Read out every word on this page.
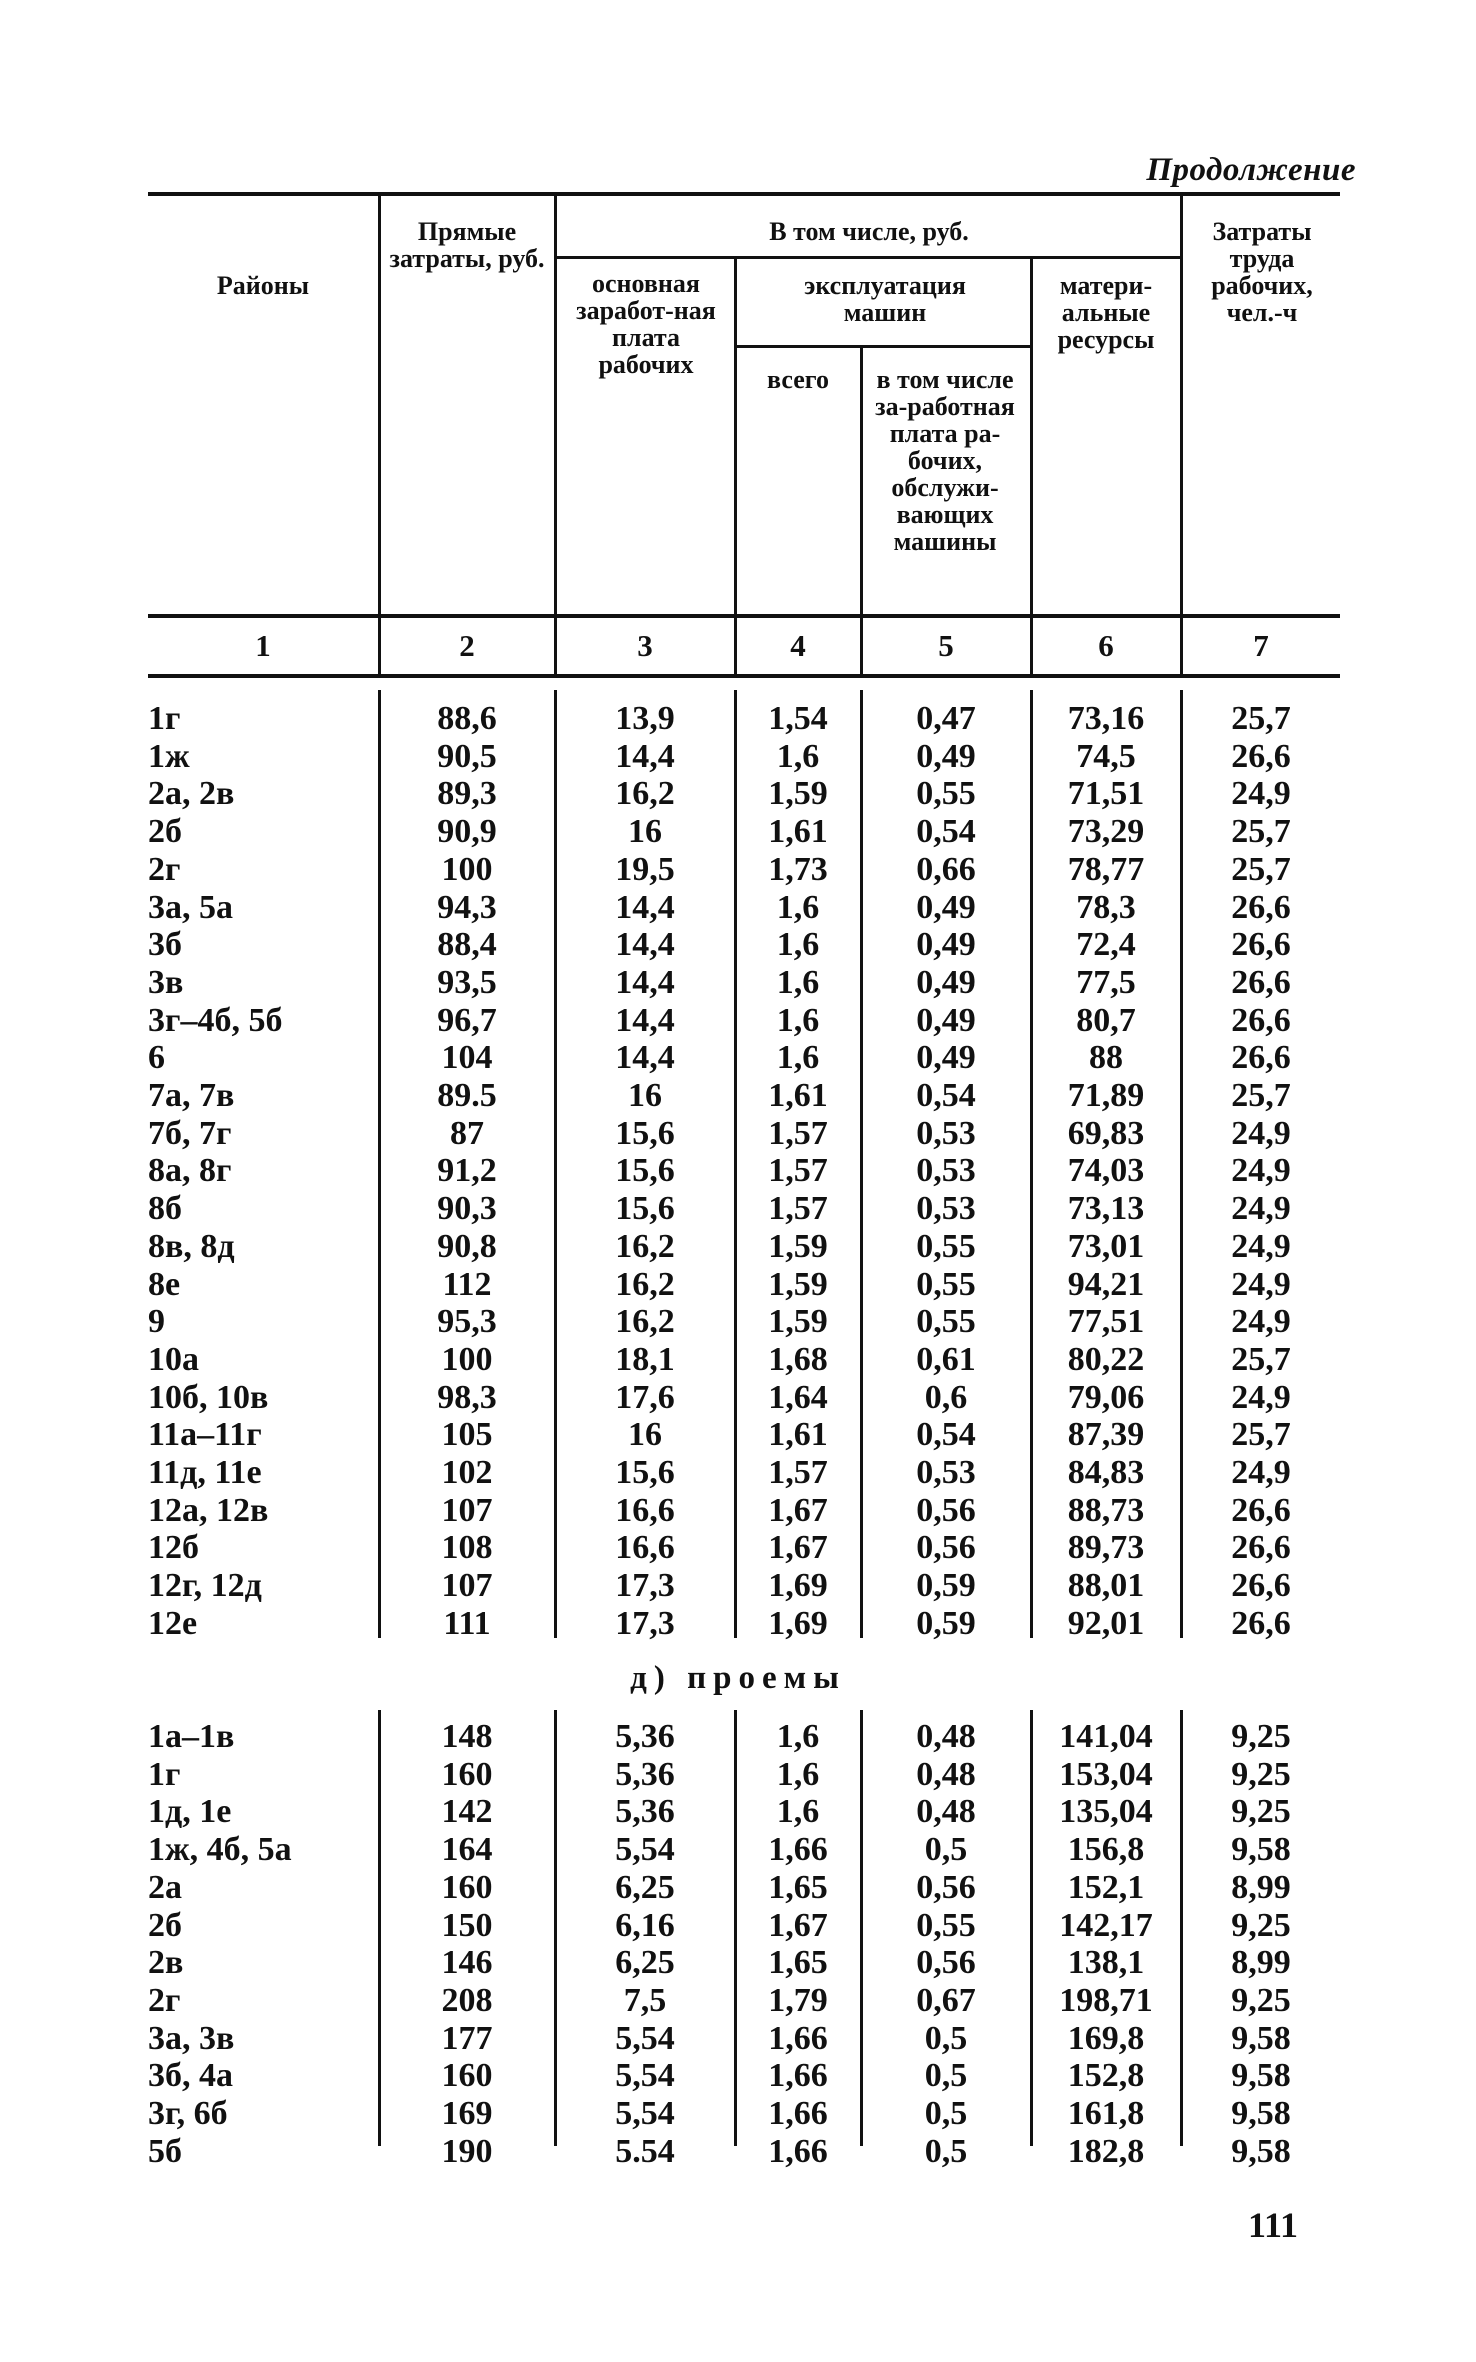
Продолжение
Районы
Прямые затраты, руб.
В том числе, руб.
основная заработ-ная плата рабочих
эксплуатация машин
всего	в том числе за-работная плата ра-бочих, обслужи-вающих машины
матери-альные ресурсы
Затраты труда рабочих, чел.-ч
1	2	3	4	5	6	7
1г	88,6	13,9	1,54	0,47	73,16	25,7
1ж	90,5	14,4	1,6	0,49	74,5	26,6
2а, 2в	89,3	16,2	1,59	0,55	71,51	24,9
2б	90,9	16	1,61	0,54	73,29	25,7
2г	100	19,5	1,73	0,66	78,77	25,7
3а, 5а	94,3	14,4	1,6	0,49	78,3	26,6
3б	88,4	14,4	1,6	0,49	72,4	26,6
3в	93,5	14,4	1,6	0,49	77,5	26,6
3г–4б, 5б	96,7	14,4	1,6	0,49	80,7	26,6
6	104	14,4	1,6	0,49	88	26,6
7а, 7в	89.5	16	1,61	0,54	71,89	25,7
7б, 7г	87	15,6	1,57	0,53	69,83	24,9
8а, 8г	91,2	15,6	1,57	0,53	74,03	24,9
8б	90,3	15,6	1,57	0,53	73,13	24,9
8в, 8д	90,8	16,2	1,59	0,55	73,01	24,9
8е	112	16,2	1,59	0,55	94,21	24,9
9	95,3	16,2	1,59	0,55	77,51	24,9
10а	100	18,1	1,68	0,61	80,22	25,7
10б, 10в	98,3	17,6	1,64	0,6	79,06	24,9
11а–11г	105	16	1,61	0,54	87,39	25,7
11д, 11е	102	15,6	1,57	0,53	84,83	24,9
12а, 12в	107	16,6	1,67	0,56	88,73	26,6
12б	108	16,6	1,67	0,56	89,73	26,6
12г, 12д	107	17,3	1,69	0,59	88,01	26,6
12е	111	17,3	1,69	0,59	92,01	26,6
д) проемы
1а–1в	148	5,36	1,6	0,48	141,04	9,25
1г	160	5,36	1,6	0,48	153,04	9,25
1д, 1е	142	5,36	1,6	0,48	135,04	9,25
1ж, 4б, 5а	164	5,54	1,66	0,5	156,8	9,58
2а	160	6,25	1,65	0,56	152,1	8,99
2б	150	6,16	1,67	0,55	142,17	9,25
2в	146	6,25	1,65	0,56	138,1	8,99
2г	208	7,5	1,79	0,67	198,71	9,25
3а, 3в	177	5,54	1,66	0,5	169,8	9,58
3б, 4а	160	5,54	1,66	0,5	152,8	9,58
3г, 6б	169	5,54	1,66	0,5	161,8	9,58
5б	190	5.54	1,66	0,5	182,8	9,58
111
